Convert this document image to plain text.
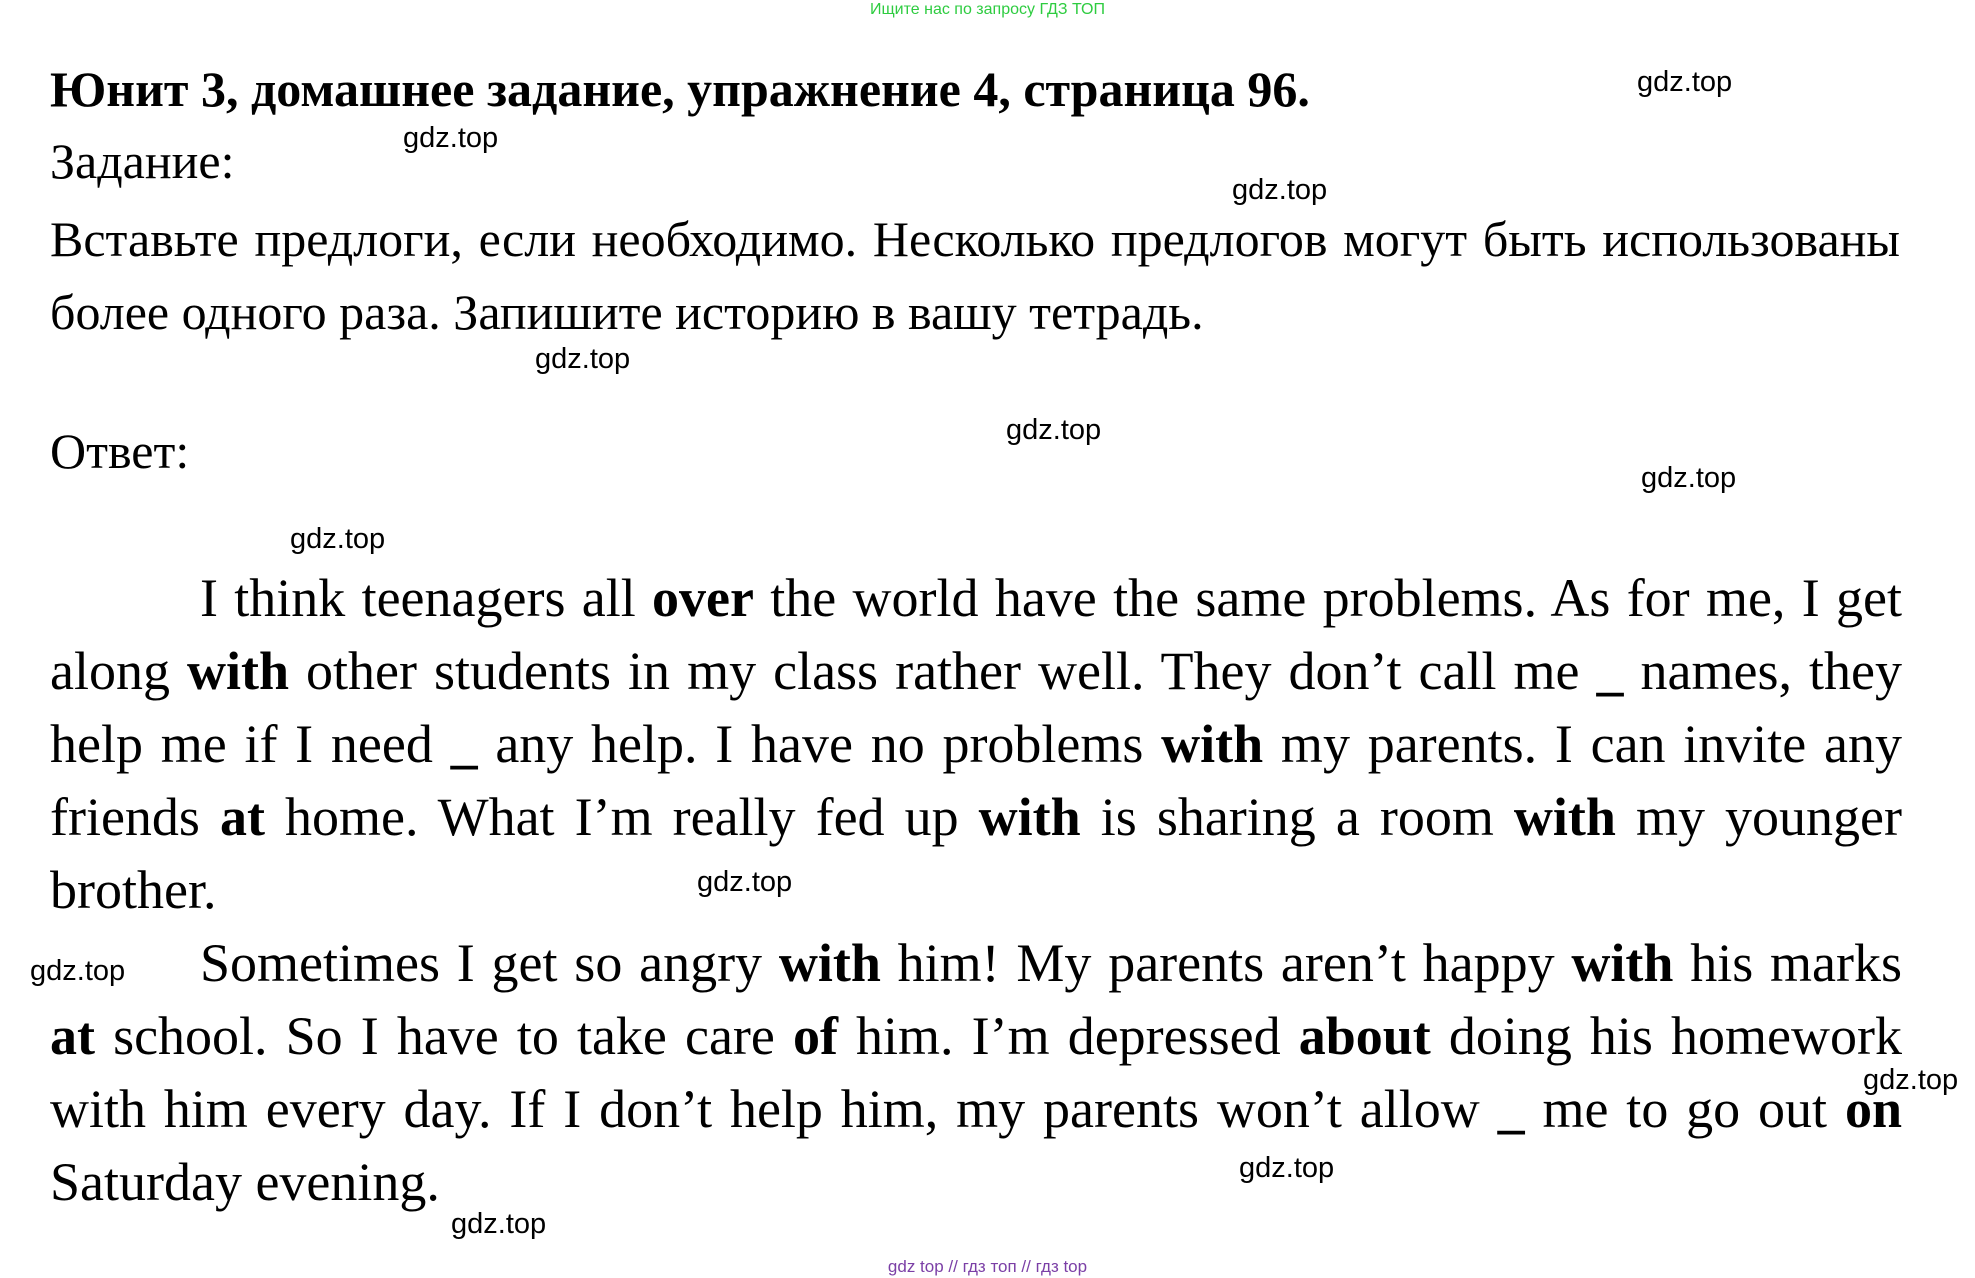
Ищите нас по запросу ГДЗ ТОП
Юнит 3, домашнее задание, упражнение 4, страница 96.
Задание:
Вставьте предлоги, если необходимо. Несколько предлогов могут быть использованы более одного раза. Запишите историю в вашу тетрадь.
Ответ:

I think teenagers all over the world have the same problems. As for me, I get along with other students in my class rather well. They don’t call me _ names, they help me if I need _ any help. I have no problems with my parents. I can invite any friends at home. What I’m really fed up with is sharing a room with my younger brother.

Sometimes I get so angry with him! My parents aren’t happy with his marks at school. So I have to take care of him. I’m depressed about doing his homework with him every day. If I don’t help him, my parents won’t allow _ me to go out on Saturday evening.

gdz.top
gdz.top
gdz.top
gdz.top
gdz.top
gdz.top
gdz.top
gdz.top
gdz.top
gdz.top
gdz.top
gdz.top
gdz top // гдз топ // гдз top
